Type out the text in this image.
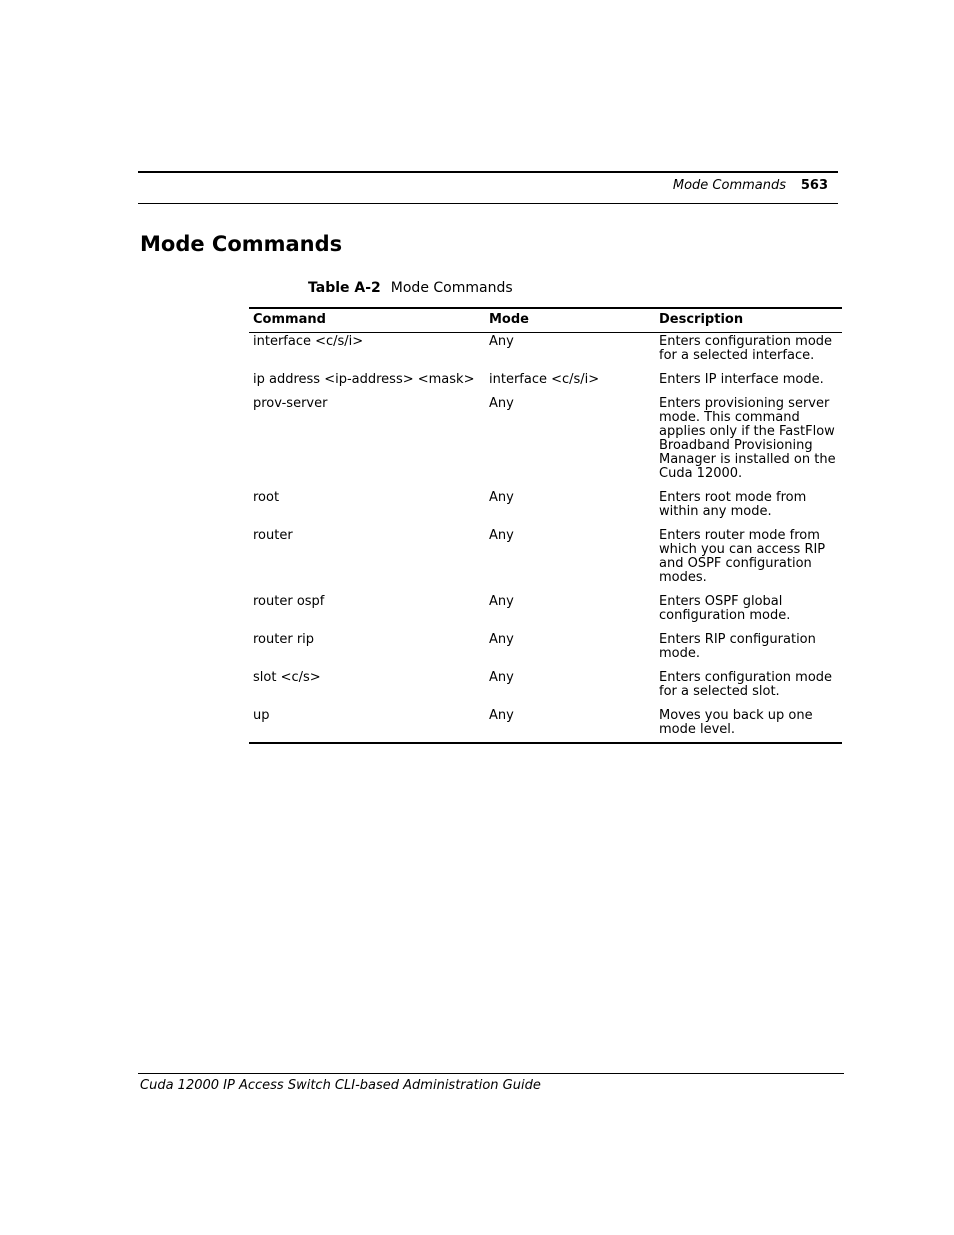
Mode Commands 563
Mode Commands
Table A-2 Mode Commands
Command	Mode	Description
interface <c/s/i>	Any	Enters configuration mode for a selected interface.
ip address <ip-address> <mask>	interface <c/s/i>	Enters IP interface mode.
prov-server	Any	Enters provisioning server mode. This command applies only if the FastFlow Broadband Provisioning Manager is installed on the Cuda 12000.
root	Any	Enters root mode from within any mode.
router	Any	Enters router mode from which you can access RIP and OSPF configuration modes.
router ospf	Any	Enters OSPF global configuration mode.
router rip	Any	Enters RIP configuration mode.
slot <c/s>	Any	Enters configuration mode for a selected slot.
up	Any	Moves you back up one mode level.
Cuda 12000 IP Access Switch CLI-based Administration Guide
